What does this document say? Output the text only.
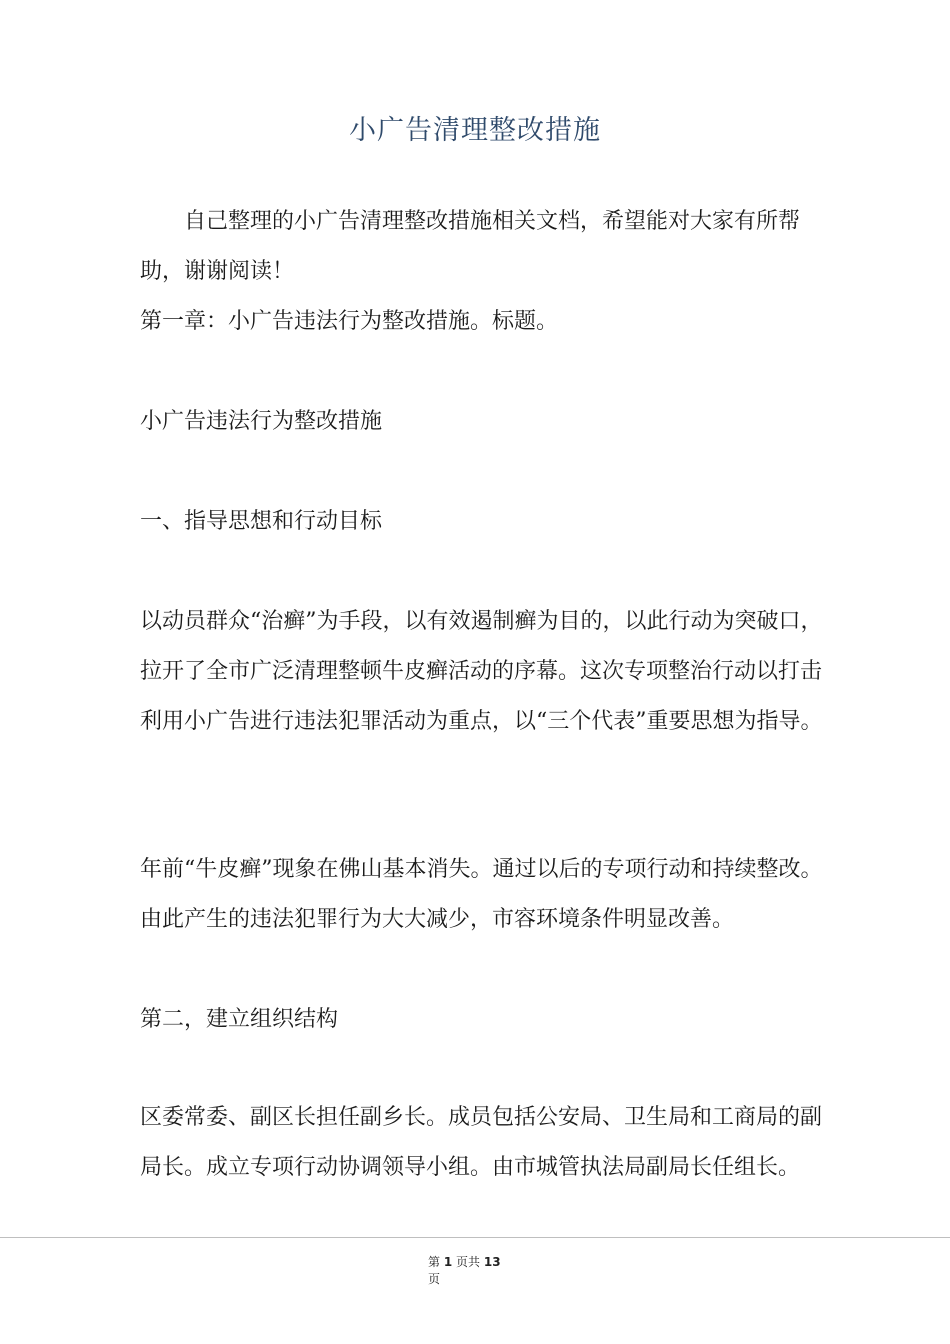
小广告清理整改措施

自己整理的小广告清理整改措施相关文档，希望能对大家有所帮助，谢谢阅读！

第一章：小广告违法行为整改措施。标题。

小广告违法行为整改措施

一、指导思想和行动目标

以动员群众“治癣”为手段，以有效遏制癣为目的，以此行动为突破口，拉开了全市广泛清理整顿牛皮癣活动的序幕。这次专项整治行动以打击利用小广告进行违法犯罪活动为重点，以“三个代表”重要思想为指导。

年前“牛皮癣”现象在佛山基本消失。通过以后的专项行动和持续整改。由此产生的违法犯罪行为大大减少，市容环境条件明显改善。

第二，建立组织结构

区委常委、副区长担任副乡长。成员包括公安局、卫生局和工商局的副局长。成立专项行动协调领导小组。由市城管执法局副局长任组长。

第 1 页共 13
页
